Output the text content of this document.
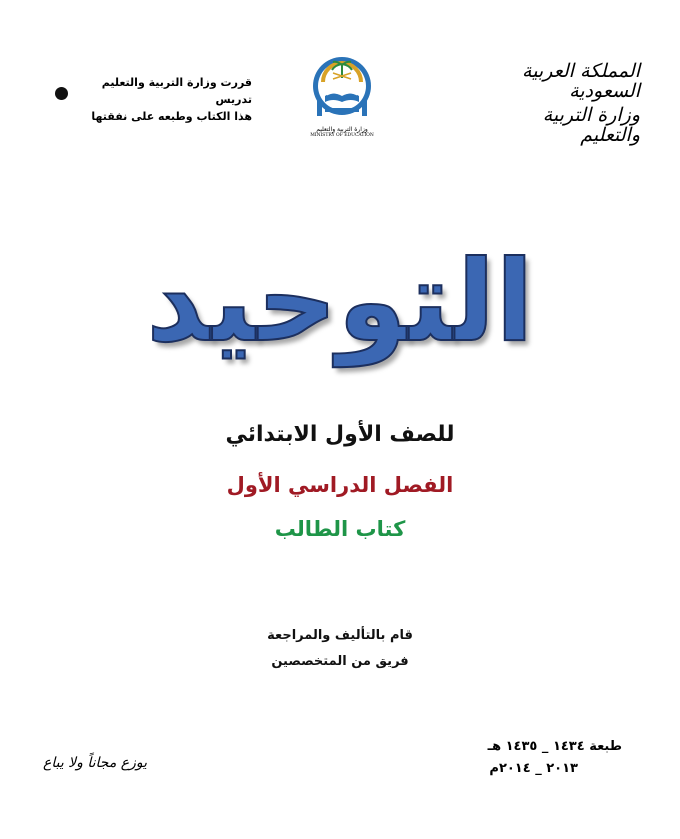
المملكة العربية السعودية
وزارة التربية والتعليم
وزارة التربية والتعليم
MINISTRY OF EDUCATION
قررت وزارة التربية والتعليم تدريس
هذا الكتاب وطبعه على نفقتها
التوحيد
للصف الأول الابتدائي
الفصل الدراسي الأول
كتاب الطالب
قام بالتأليف والمراجعة
فريق من المتخصصين
طبعة ١٤٣٤ _ ١٤٣٥ هـ
٢٠١٣ _ ٢٠١٤م
يوزع مجاناً ولا يباع
